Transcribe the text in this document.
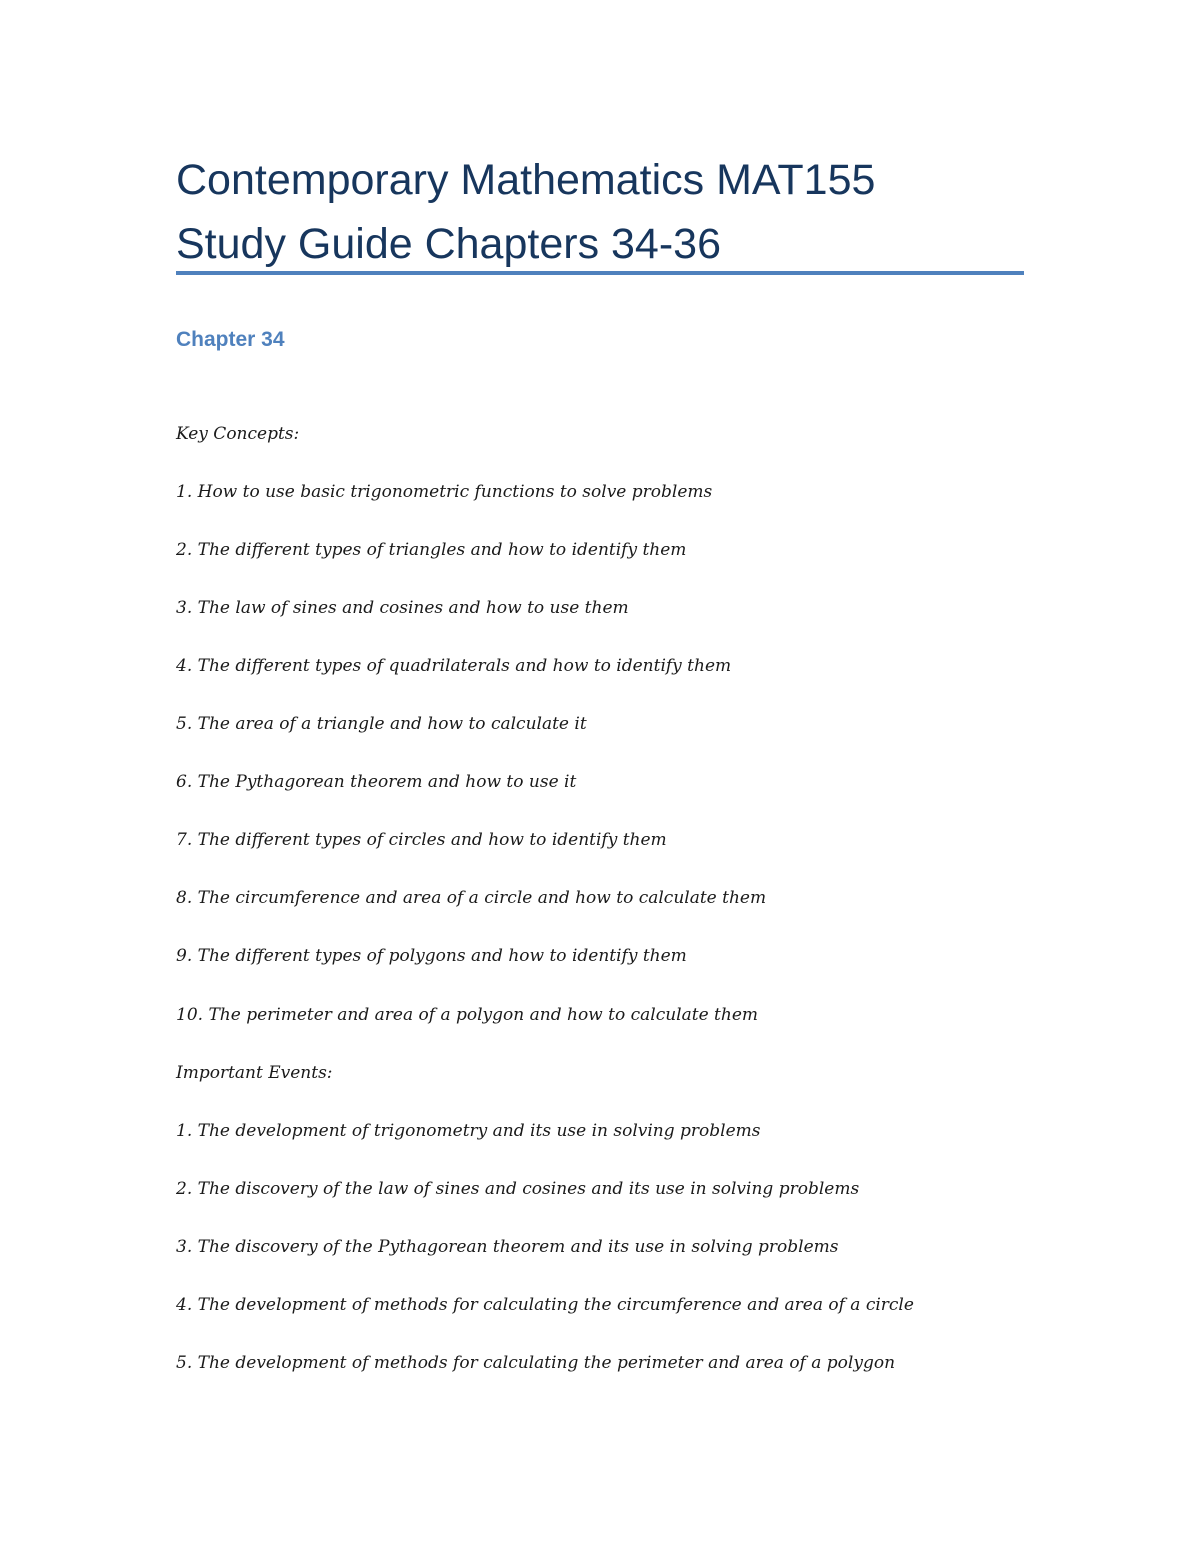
Contemporary Mathematics MAT155
Study Guide Chapters 34-36
Chapter 34

Key Concepts:

1. How to use basic trigonometric functions to solve problems

2. The different types of triangles and how to identify them

3. The law of sines and cosines and how to use them

4. The different types of quadrilaterals and how to identify them

5. The area of a triangle and how to calculate it

6. The Pythagorean theorem and how to use it

7. The different types of circles and how to identify them

8. The circumference and area of a circle and how to calculate them

9. The different types of polygons and how to identify them

10. The perimeter and area of a polygon and how to calculate them

Important Events:

1. The development of trigonometry and its use in solving problems

2. The discovery of the law of sines and cosines and its use in solving problems

3. The discovery of the Pythagorean theorem and its use in solving problems

4. The development of methods for calculating the circumference and area of a circle

5. The development of methods for calculating the perimeter and area of a polygon
